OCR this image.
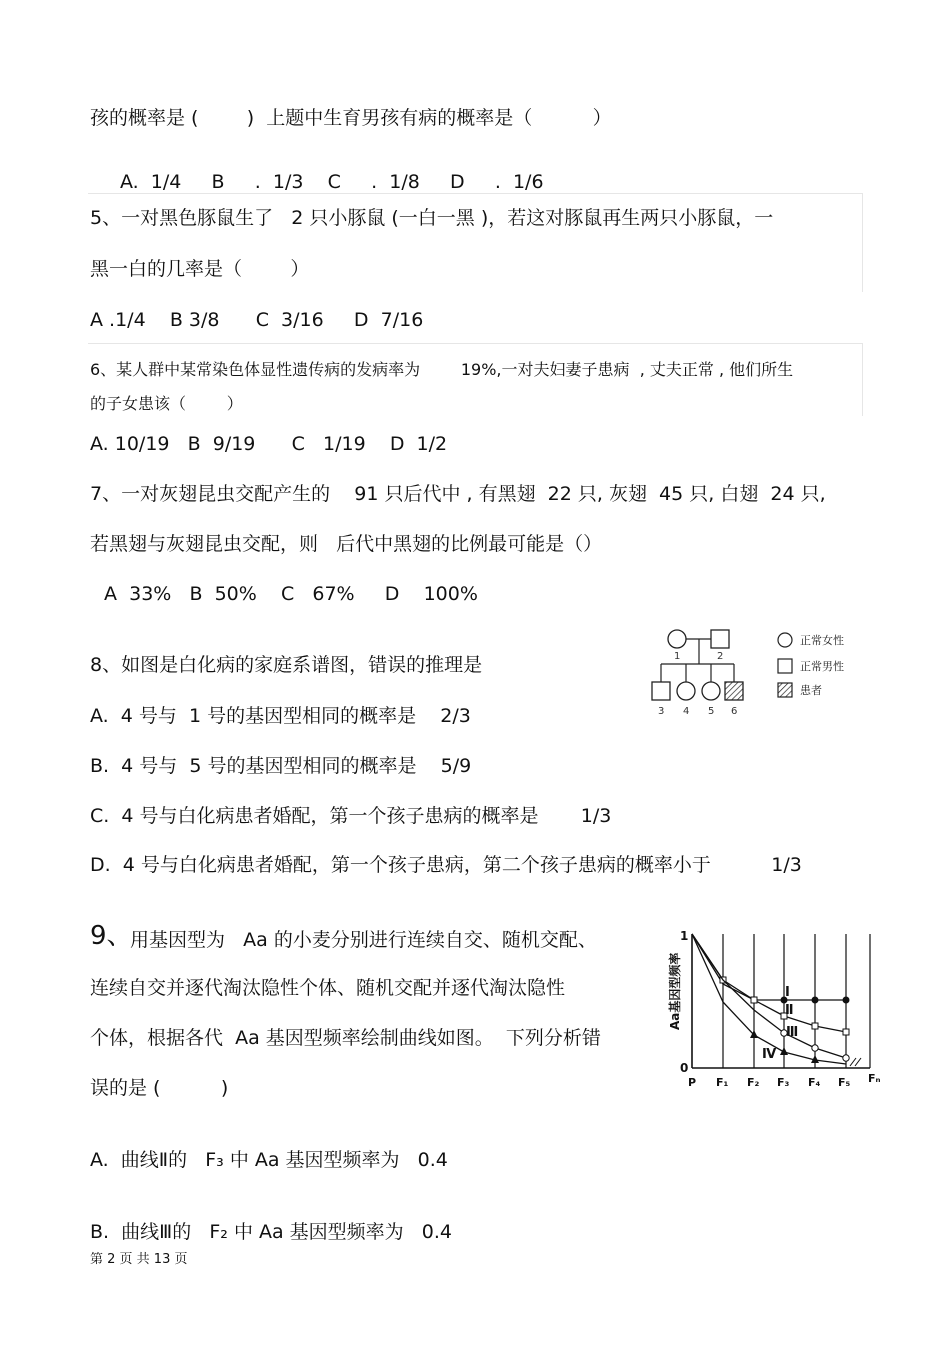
孩的概率是 (        )  上题中生育男孩有病的概率是（          ）
A.  1/4     B     .  1/3    C     .  1/8     D     .  1/6
5、一对黑色豚鼠生了   2 只小豚鼠 (一白一黑 )，若这对豚鼠再生两只小豚鼠，一
黑一白的几率是（        ）
A .1/4    B 3/8      C  3/16     D  7/16
6、某人群中某常染色体显性遗传病的发病率为        19%,一对夫妇妻子患病  , 丈夫正常 , 他们所生
的子女患该（        ）
A. 10/19   B  9/19      C   1/19    D  1/2
7、一对灰翅昆虫交配产生的    91 只后代中 , 有黑翅  22 只, 灰翅  45 只, 白翅  24 只,
若黑翅与灰翅昆虫交配，则   后代中黑翅的比例最可能是（）
A  33%   B  50%    C   67%     D    100%
8、如图是白化病的家庭系谱图，错误的推理是
A.  4 号与  1 号的基因型相同的概率是    2/3
B.  4 号与  5 号的基因型相同的概率是    5/9
C.  4 号与白化病患者婚配，第一个孩子患病的概率是       1/3
D.  4 号与白化病患者婚配，第一个孩子患病，第二个孩子患病的概率小于          1/3
1	2
3 4 5 6
正常女性
正常男性
患者
9、
用基因型为   Aa 的小麦分别进行连续自交、随机交配、
连续自交并逐代淘汰隐性个体、随机交配并逐代淘汰隐性
个体，根据各代  Aa 基因型频率绘制曲线如图。  下列分析错
误的是 (          )
A.  曲线Ⅱ的   F₃ 中 Aa 基因型频率为   0.4
B.  曲线Ⅲ的   F₂ 中 Aa 基因型频率为   0.4
Ⅰ
Ⅱ
Ⅲ
Ⅳ
Aa基因型频率
1
0
P F₁ F₂ F₃ F₄ F₅ Fₙ
第 2 页 共 13 页
